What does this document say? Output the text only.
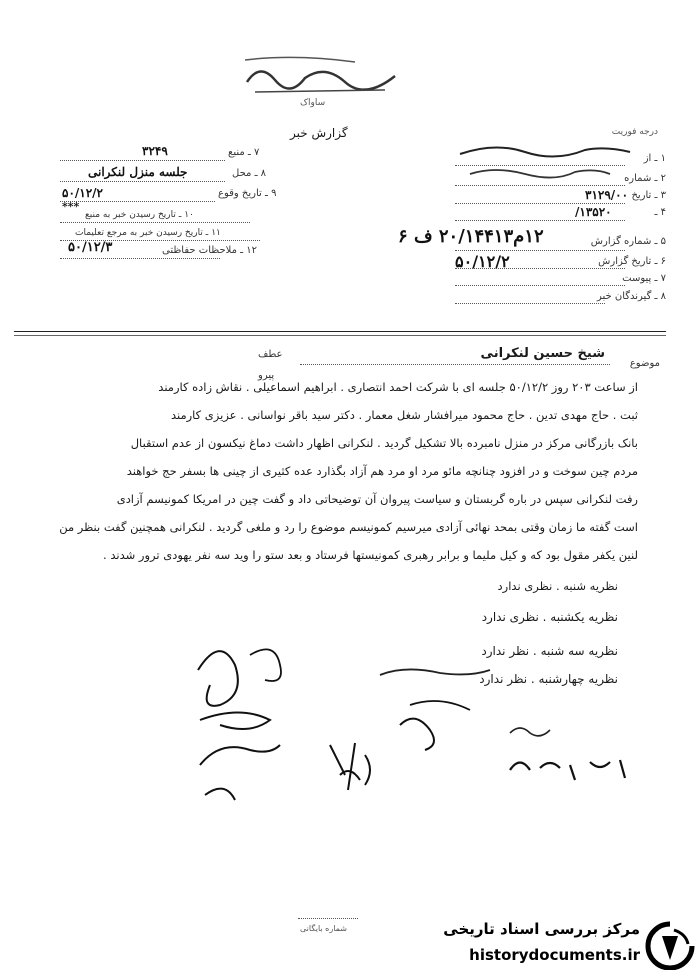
ساواک
گزارش خبر	درجه فوریت
۷ ـ منبع
۳۲۴۹
۸ ـ محل
جلسه منزل لنکرانی
۹ ـ تاریخ وقوع
۵۰/۱۲/۲
***
۱۰ ـ تاریخ رسیدن خبر به منبع
۱۱ ـ تاریخ رسیدن خبر به مرجع تعلیمات
۱۲ ـ ملاحظات حفاظتی
۵۰/۱۲/۳
۱ ـ از
۲ ـ شماره
۳ ـ تاریخ
۳۱۲۹/۰۰
۴ ـ
۱۳۵۲۰/
۵ ـ شماره گزارش
۱۲م۲۰/۱۴۴۱۳ ف ۶
۶ ـ تاریخ گزارش
۵۰/۱۲/۲
۷ ـ پیوست
۸ ـ گیرندگان خبر
موضوع
شیخ حسین لنکرانی
عطف
پیرو
از ساعت ۲۰۳ روز ۵۰/۱۲/۲ جلسه ای با شرکت احمد انتصاری . ابراهیم اسماعیلی . نقاش زاده کارمند
ثبت . حاج مهدی تدین . حاج محمود میرافشار شغل معمار . دکتر سید باقر نواسانی . عزیزی کارمند
بانک بازرگانی مرکز در منزل نامبرده بالا تشکیل گردید . لنکرانی اظهار داشت دماغ نیکسون از عدم استقبال
مردم چین سوخت و در افزود چنانچه مائو مرد او مرد هم آزاد بگذارد عده کثیری از چینی ها بسفر حج خواهند
رفت لنکرانی سپس در باره گربستان و سیاست پیروان آن توضیحاتی داد و گفت چین در امریکا کمونیسم آزادی
است گفته ما زمان وقتی بمحد نهائی آزادی میرسیم کمونیسم موضوع را رد و ملغی گردید . لنکرانی همچنین گفت بنظر من
لنین یکفر مقول بود که و کیل ملیما و برابر رهبری کمونیستها فرستاد و بعد ستو را وید سه نفر یهودی ترور شدند .
نظریه شنبه . نظری ندارد
نظریه یکشنبه . نظری ندارد
نظریه سه شنبه . نظر ندارد
نظریه چهارشنبه . نظر ندارد
شماره بایگانی	مرکز بررسی اسناد تاریخی
historydocuments.ir
